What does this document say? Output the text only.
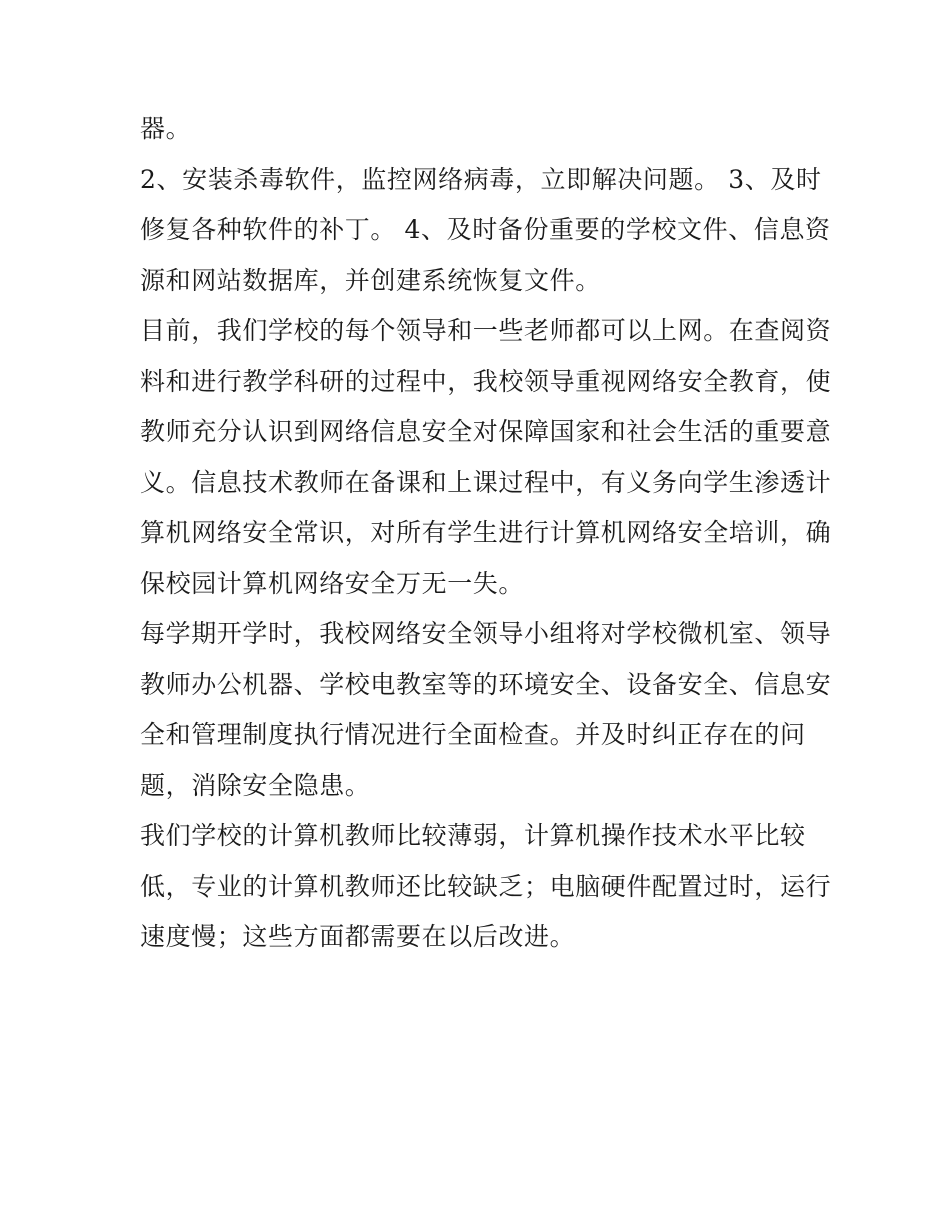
器。
2、安装杀毒软件，监控网络病毒，立即解决问题。 3、及时
修复各种软件的补丁。 4、及时备份重要的学校文件、信息资
源和网站数据库，并创建系统恢复文件。
目前，我们学校的每个领导和一些老师都可以上网。在查阅资
料和进行教学科研的过程中，我校领导重视网络安全教育，使
教师充分认识到网络信息安全对保障国家和社会生活的重要意
义。信息技术教师在备课和上课过程中，有义务向学生渗透计
算机网络安全常识，对所有学生进行计算机网络安全培训，确
保校园计算机网络安全万无一失。
每学期开学时，我校网络安全领导小组将对学校微机室、领导
教师办公机器、学校电教室等的环境安全、设备安全、信息安
全和管理制度执行情况进行全面检查。并及时纠正存在的问
题，消除安全隐患。
我们学校的计算机教师比较薄弱，计算机操作技术水平比较
低，专业的计算机教师还比较缺乏；电脑硬件配置过时，运行
速度慢；这些方面都需要在以后改进。
